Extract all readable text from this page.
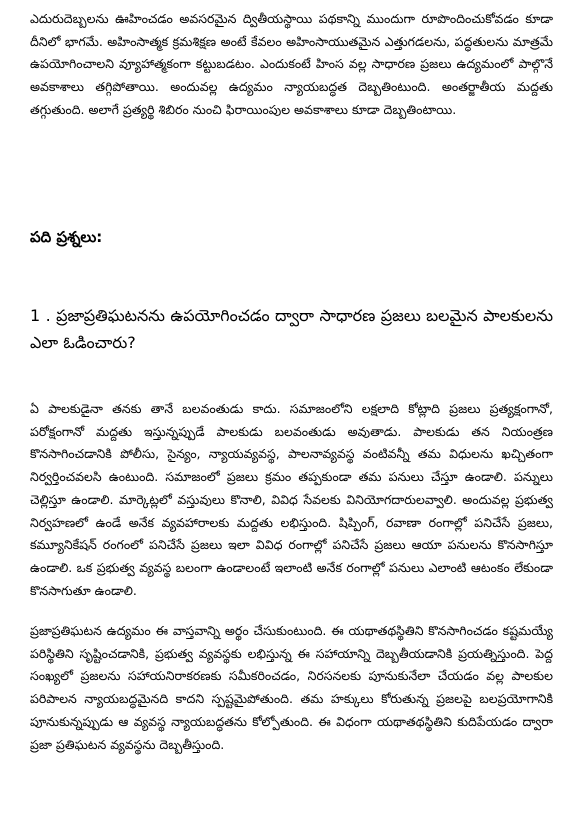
ఎదురుదెబ్బలను ఊహించడం అవసరమైన ద్వితీయస్థాయి పథకాన్ని ముందుగా రూపొందించుకోవడం కూడా దీనిలో భాగమే. అహింసాత్మక క్రమశిక్షణ అంటే కేవలం అహింసాయుతమైన ఎత్తుగడలను, పద్ధతులను మాత్రమే ఉపయోగించాలని వ్యూహాత్మకంగా కట్టుబడటం. ఎందుకంటే హింస వల్ల సాధారణ ప్రజలు ఉద్యమంలో పాల్గొనే అవకాశాలు తగ్గిపోతాయి. అందువల్ల ఉద్యమం న్యాయబద్ధత దెబ్బతింటుంది. అంతర్జాతీయ మద్దతు తగ్గుతుంది. అలాగే ప్రత్యర్థి శిబిరం నుంచి ఫిరాయింపుల అవకాశాలు కూడా దెబ్బతింటాయి.

పది ప్రశ్నలు:
1 . ప్రజాప్రతిఘటనను ఉపయోగించడం ద్వారా సాధారణ ప్రజలు బలమైన పాలకులను ఎలా ఓడించారు?

ఏ పాలకుడైనా తనకు తానే బలవంతుడు కాదు. సమాజంలోని లక్షలాది కోట్లాది ప్రజలు ప్రత్యక్షంగానో, పరోక్షంగానో మద్దతు ఇస్తున్నప్పుడే పాలకుడు బలవంతుడు అవుతాడు. పాలకుడు తన నియంత్రణ కొనసాగించడానికి పోలీసు, సైన్యం, న్యాయవ్యవస్థ, పాలనావ్యవస్థ వంటివన్నీ తమ విధులను ఖచ్చితంగా నిర్వర్తించవలసి ఉంటుంది. సమాజంలో ప్రజలు క్రమం తప్పకుండా తమ పనులు చేస్తూ ఉండాలి. పన్నులు చెల్లిస్తూ ఉండాలి. మార్కెట్లలో వస్తువులు కొనాలి, వివిధ సేవలకు వినియోగదారులవ్వాలి. అందువల్ల ప్రభుత్వ నిర్వహణలో ఉండే అనేక వ్యవహారాలకు మద్దతు లభిస్తుంది. షిప్పింగ్, రవాణా రంగాల్లో పనిచేసే ప్రజలు, కమ్యూనికేషన్ రంగంలో పనిచేసే ప్రజలు ఇలా వివిధ రంగాల్లో పనిచేసే ప్రజలు ఆయా పనులను కొనసాగిస్తూ ఉండాలి. ఒక ప్రభుత్వ వ్యవస్థ బలంగా ఉండాలంటే ఇలాంటి అనేక రంగాల్లో పనులు ఎలాంటి ఆటంకం లేకుండా కొనసాగుతూ ఉండాలి.

ప్రజాప్రతిఘటన ఉద్యమం ఈ వాస్తవాన్ని అర్థం చేసుకుంటుంది. ఈ యథాతథస్థితిని కొనసాగించడం కష్టమయ్యే పరిస్థితిని సృష్టించడానికి, ప్రభుత్వ వ్యవస్థకు లభిస్తున్న ఈ సహాయాన్ని దెబ్బతీయడానికి ప్రయత్నిస్తుంది. పెద్ద సంఖ్యలో ప్రజలను సహాయనిరాకరణకు సమీకరించడం, నిరసనలకు పూనుకునేలా చేయడం వల్ల పాలకుల పరిపాలన న్యాయబద్ధమైనది కాదని స్పష్టమైపోతుంది. తమ హక్కులు కోరుతున్న ప్రజలపై బలప్రయోగానికి పూనుకున్నప్పుడు ఆ వ్యవస్థ న్యాయబద్ధతను కోల్పోతుంది. ఈ విధంగా యథాతథస్థితిని కుదిపేయడం ద్వారా ప్రజా ప్రతిఘటన వ్యవస్థను దెబ్బతీస్తుంది.
